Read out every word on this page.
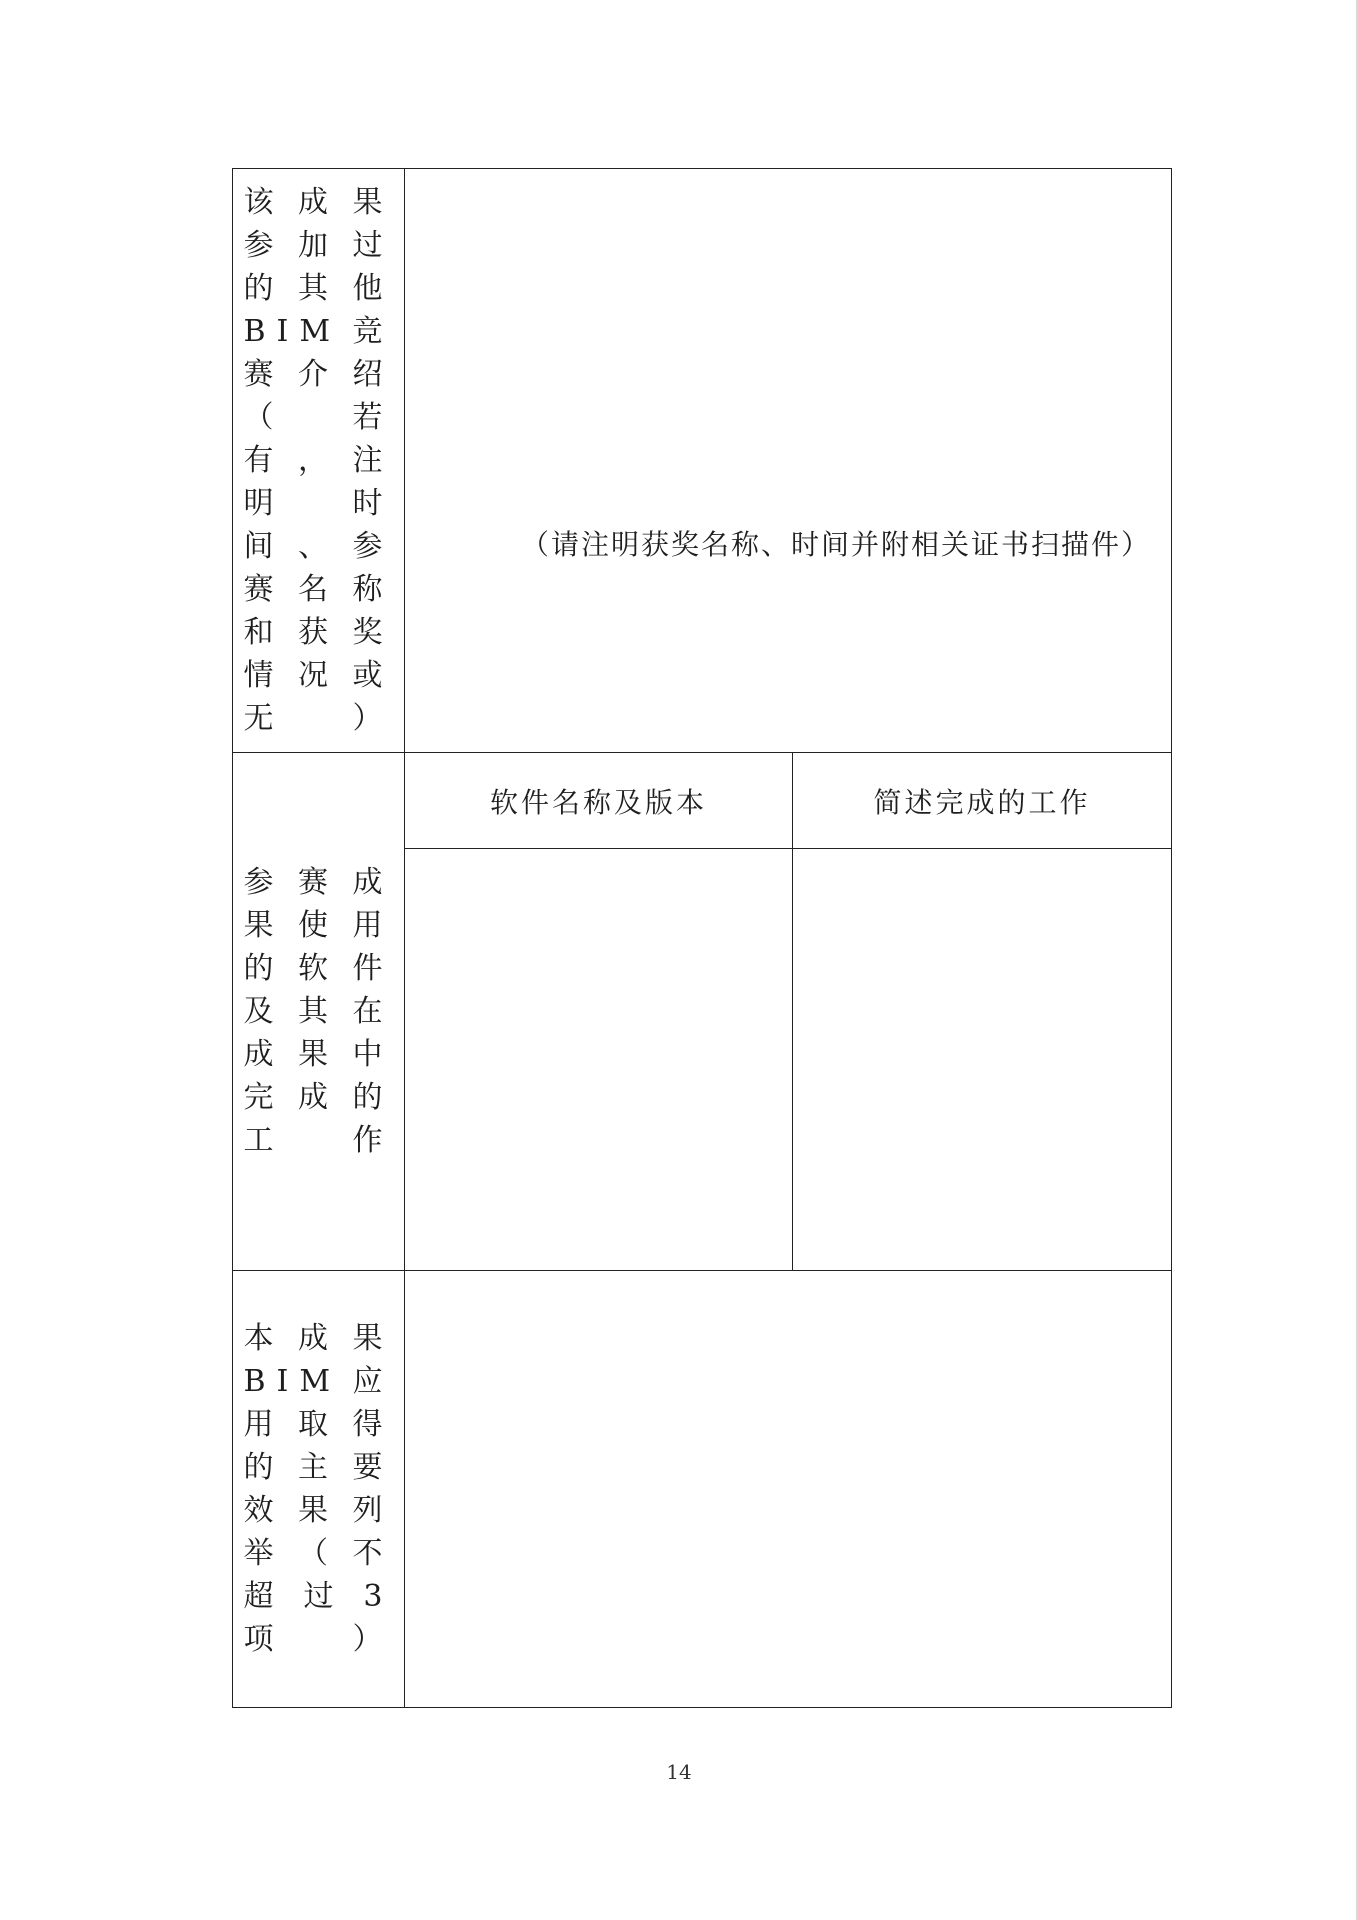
该成果参加过的其他BIM竞赛介绍（若有，注明时间、参赛名称和获奖情况或无）
（请注明获奖名称、时间并附相关证书扫描件）
参赛成果使用的软件及其在成果中完成的工作
软件名称及版本	简述完成的工作
本成果BIM应用取得的主要效果列举（不超过3项）
14
